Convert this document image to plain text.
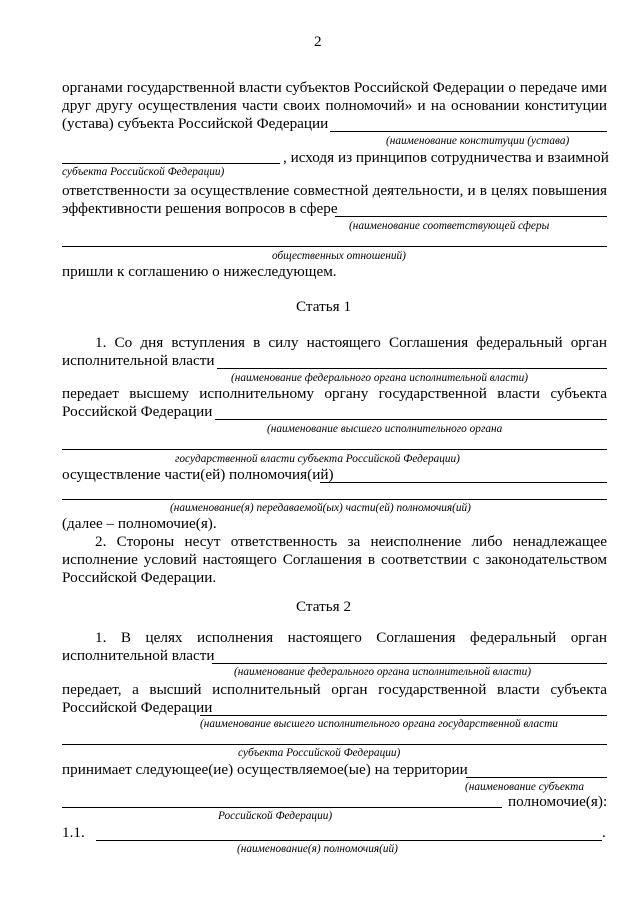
2
органами государственной власти субъектов Российской Федерации о передаче ими
друг другу осуществления части своих полномочий» и на основании конституции
(устава) субъекта Российской Федерации
(наименование конституции (устава)
, исходя из принципов сотрудничества и взаимной
субъекта Российской Федерации)
ответственности за осуществление совместной деятельности, и в целях повышения
эффективности решения вопросов в сфере
(наименование соответствующей сферы
общественных отношений)
пришли к соглашению о нижеследующем.
Статья 1
1. Со дня вступления в силу настоящего Соглашения федеральный орган
исполнительной власти
(наименование федерального органа исполнительной власти)
передает высшему исполнительному органу государственной власти субъекта
Российской Федерации
(наименование высшего исполнительного органа
государственной власти субъекта Российской Федерации)
осуществление части(ей) полномочия(ий)
(наименование(я) передаваемой(ых) части(ей) полномочия(ий)
(далее – полномочие(я).
2. Стороны несут ответственность за неисполнение либо ненадлежащее
исполнение условий настоящего Соглашения в соответствии с законодательством
Российской Федерации.
Статья 2
1. В целях исполнения настоящего Соглашения федеральный орган
исполнительной власти
(наименование федерального органа исполнительной власти)
передает, а высший исполнительный орган государственной власти субъекта
Российской Федерации
(наименование высшего исполнительного органа государственной власти
субъекта Российской Федерации)
принимает следующее(ие) осуществляемое(ые) на территории
(наименование субъекта
полномочие(я):
Российской Федерации)
1.1.	.
(наименование(я) полномочия(ий)
